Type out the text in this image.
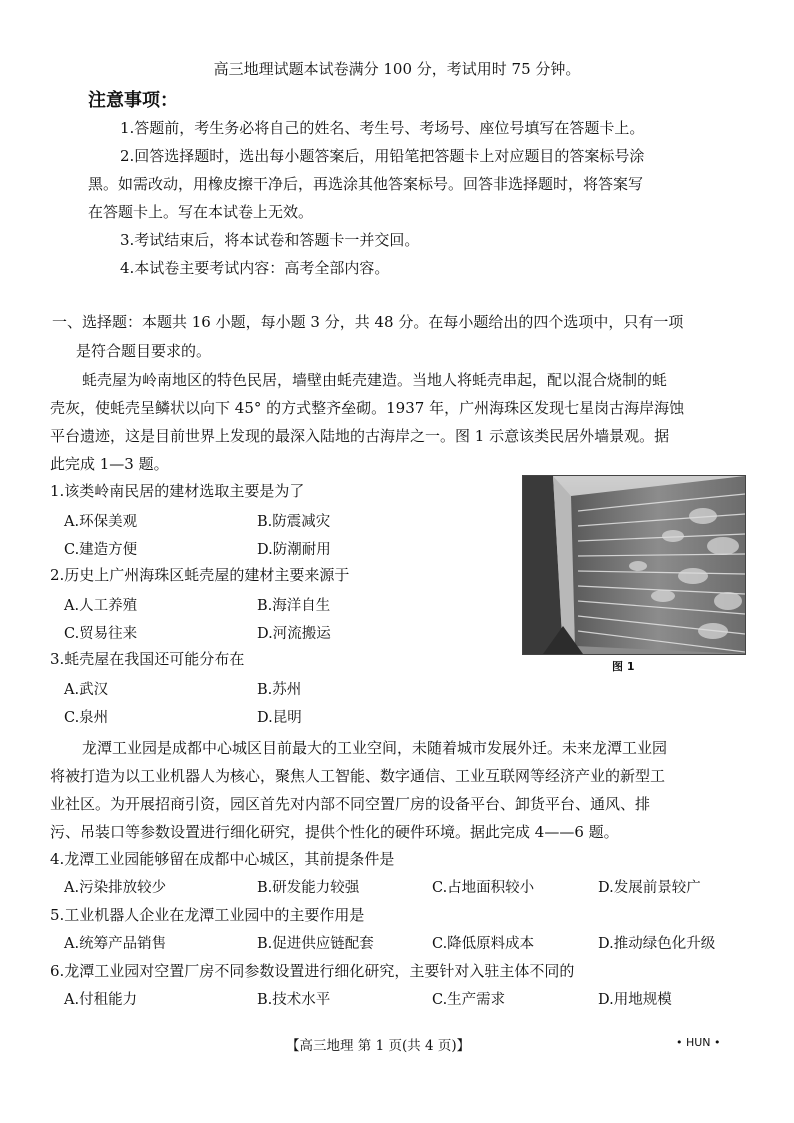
高三地理试题本试卷满分 100 分，考试用时 75 分钟。
注意事项：
1.答题前，考生务必将自己的姓名、考生号、考场号、座位号填写在答题卡上。
2.回答选择题时，选出每小题答案后，用铅笔把答题卡上对应题目的答案标号涂
黑。如需改动，用橡皮擦干净后，再选涂其他答案标号。回答非选择题时，将答案写
在答题卡上。写在本试卷上无效。
3.考试结束后，将本试卷和答题卡一并交回。
4.本试卷主要考试内容：高考全部内容。
一、选择题：本题共 16 小题，每小题 3 分，共 48 分。在每小题给出的四个选项中，只有一项
是符合题目要求的。
蚝壳屋为岭南地区的特色民居，墙壁由蚝壳建造。当地人将蚝壳串起，配以混合烧制的蚝
壳灰，使蚝壳呈鳞状以向下 45° 的方式整齐垒砌。1937 年，广州海珠区发现七星岗古海岸海蚀
平台遗迹，这是目前世界上发现的最深入陆地的古海岸之一。图 1 示意该类民居外墙景观。据
此完成 1—3 题。
图 1
1.该类岭南民居的建材选取主要是为了
A.环保美观	B.防震减灾
C.建造方便	D.防潮耐用
2.历史上广州海珠区蚝壳屋的建材主要来源于
A.人工养殖	B.海洋自生
C.贸易往来	D.河流搬运
3.蚝壳屋在我国还可能分布在
A.武汉	B.苏州
C.泉州	D.昆明
龙潭工业园是成都中心城区目前最大的工业空间，未随着城市发展外迁。未来龙潭工业园
将被打造为以工业机器人为核心，聚焦人工智能、数字通信、工业互联网等经济产业的新型工
业社区。为开展招商引资，园区首先对内部不同空置厂房的设备平台、卸货平台、通风、排
污、吊装口等参数设置进行细化研究，提供个性化的硬件环境。据此完成 4——6 题。
4.龙潭工业园能够留在成都中心城区，其前提条件是
A.污染排放较少	B.研发能力较强	C.占地面积较小	D.发展前景较广
5.工业机器人企业在龙潭工业园中的主要作用是
A.统筹产品销售	B.促进供应链配套	C.降低原料成本	D.推动绿色化升级
6.龙潭工业园对空置厂房不同参数设置进行细化研究，主要针对入驻主体不同的
A.付租能力	B.技术水平	C.生产需求	D.用地规模
【高三地理 第 1 页(共 4 页)】	• HUN •
